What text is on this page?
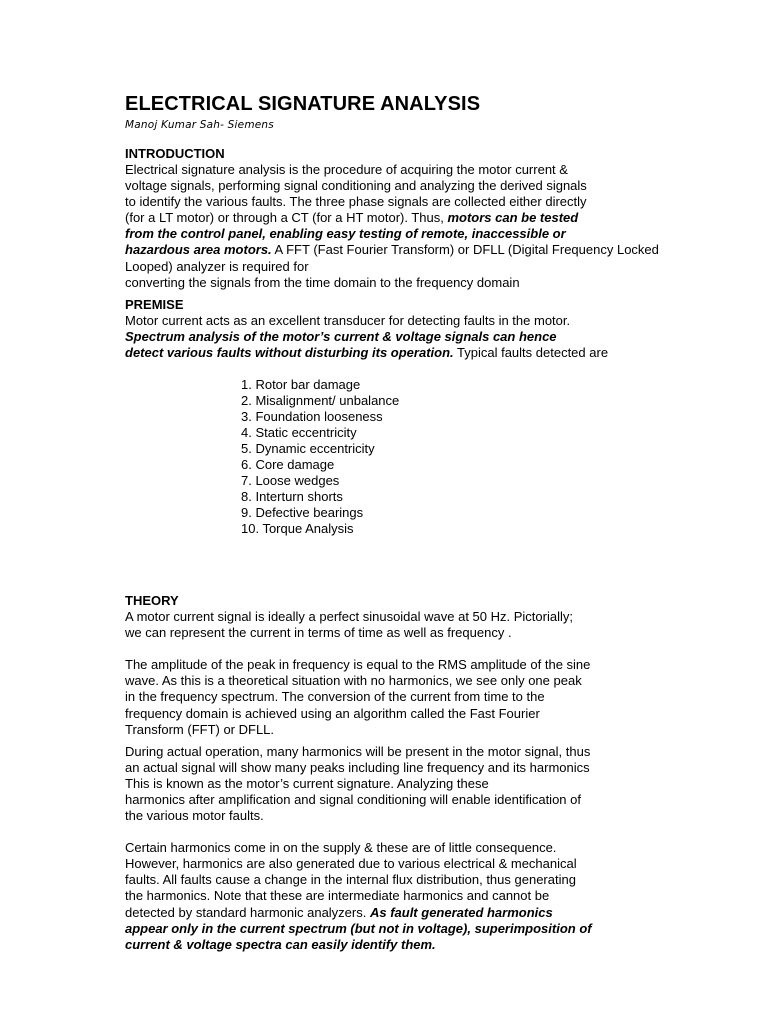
ELECTRICAL SIGNATURE ANALYSIS

Manoj Kumar Sah- Siemens

INTRODUCTION

Electrical signature analysis is the procedure of acquiring the motor current &
voltage signals, performing signal conditioning and analyzing the derived signals
to identify the various faults. The three phase signals are collected either directly
(for a LT motor) or through a CT (for a HT motor). Thus, motors can be tested
from the control panel, enabling easy testing of remote, inaccessible or
hazardous area motors. A FFT (Fast Fourier Transform) or DFLL (Digital Frequency Locked
Looped) analyzer is required for
converting the signals from the time domain to the frequency domain

PREMISE

Motor current acts as an excellent transducer for detecting faults in the motor.
Spectrum analysis of the motor’s current & voltage signals can hence
detect various faults without disturbing its operation. Typical faults detected are

1. Rotor bar damage
2. Misalignment/ unbalance
3. Foundation looseness
4. Static eccentricity
5. Dynamic eccentricity
6. Core damage
7. Loose wedges
8. Interturn shorts
9. Defective bearings
10. Torque Analysis
THEORY

A motor current signal is ideally a perfect sinusoidal wave at 50 Hz. Pictorially;
we can represent the current in terms of time as well as frequency .

The amplitude of the peak in frequency is equal to the RMS amplitude of the sine
wave. As this is a theoretical situation with no harmonics, we see only one peak
in the frequency spectrum. The conversion of the current from time to the
frequency domain is achieved using an algorithm called the Fast Fourier
Transform (FFT) or DFLL.

During actual operation, many harmonics will be present in the motor signal, thus
an actual signal will show many peaks including line frequency and its harmonics
This is known as the motor’s current signature. Analyzing these
harmonics after amplification and signal conditioning will enable identification of
the various motor faults.

Certain harmonics come in on the supply & these are of little consequence.
However, harmonics are also generated due to various electrical & mechanical
faults. All faults cause a change in the internal flux distribution, thus generating
the harmonics. Note that these are intermediate harmonics and cannot be
detected by standard harmonic analyzers. As fault generated harmonics
appear only in the current spectrum (but not in voltage), superimposition of
current & voltage spectra can easily identify them.
